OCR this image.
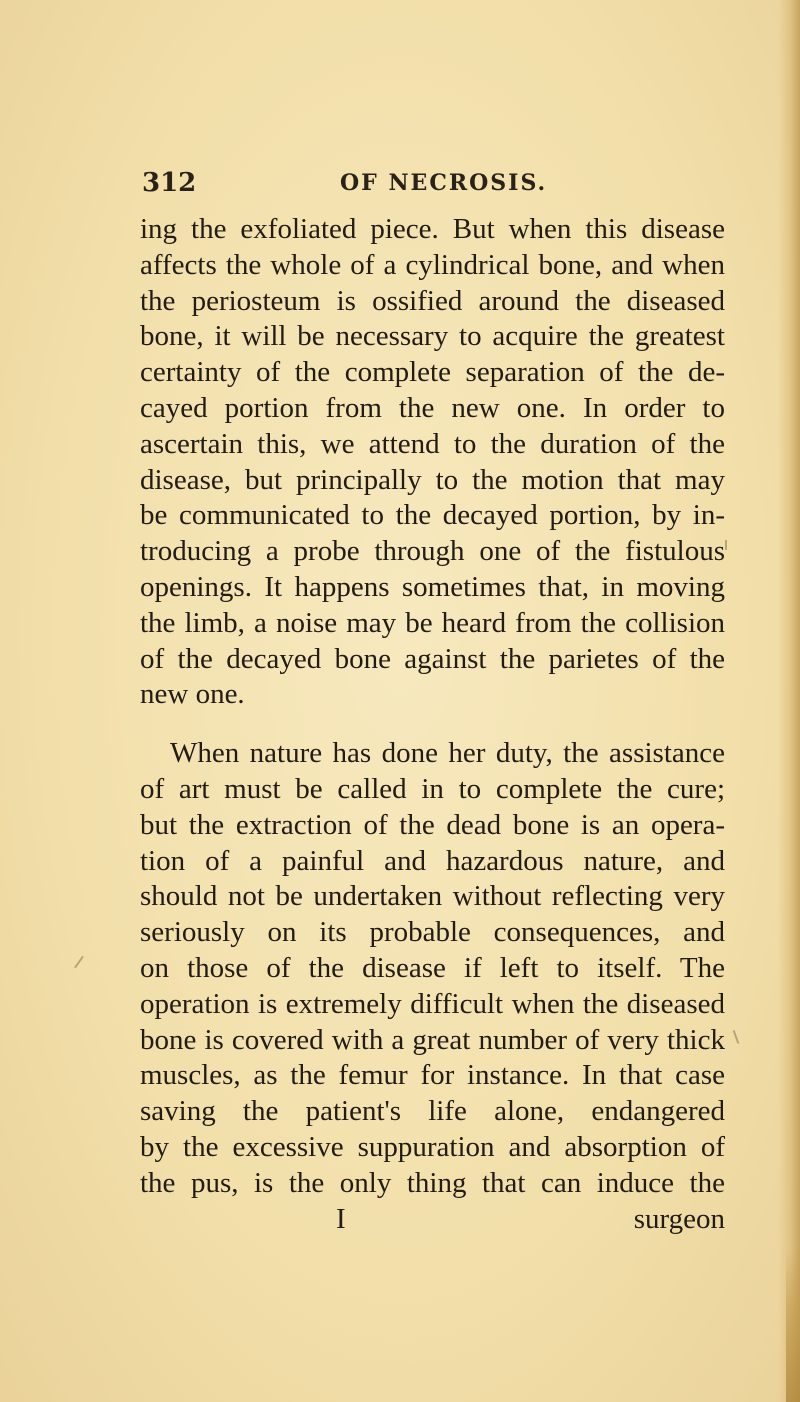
312	OF NECROSIS.
ing the exfoliated piece. But when this disease
affects the whole of a cylindrical bone, and when
the periosteum is ossified around the diseased
bone, it will be necessary to acquire the greatest
certainty of the complete separation of the de-
cayed portion from the new one. In order to
ascertain this, we attend to the duration of the
disease, but principally to the motion that may
be communicated to the decayed portion, by in-
troducing a probe through one of the fistulous
openings. It happens sometimes that, in moving
the limb, a noise may be heard from the collision
of the decayed bone against the parietes of the
new one.
When nature has done her duty, the assistance
of art must be called in to complete the cure;
but the extraction of the dead bone is an opera-
tion of a painful and hazardous nature, and
should not be undertaken without reflecting very
seriously on its probable consequences, and
on those of the disease if left to itself. The
operation is extremely difficult when the diseased
bone is covered with a great number of very thick
muscles, as the femur for instance. In that case
saving the patient's life alone, endangered
by the excessive suppuration and absorption of
the pus, is the only thing that can induce the
I	surgeon
